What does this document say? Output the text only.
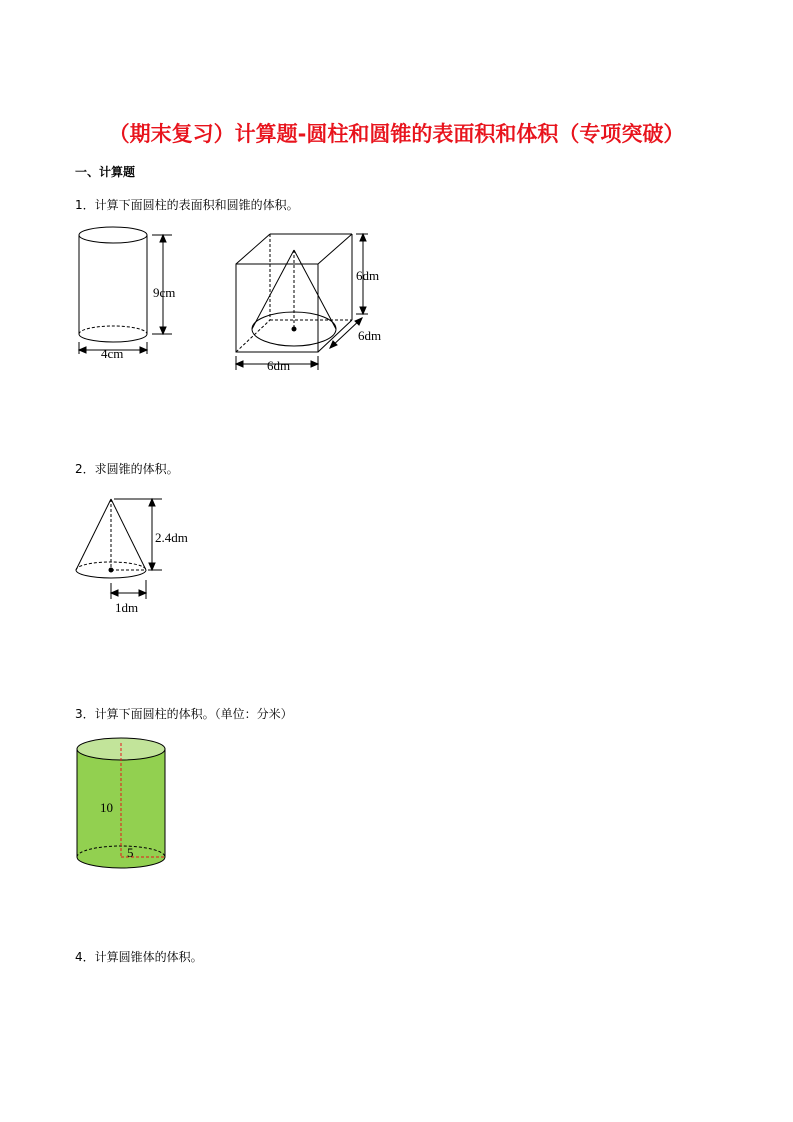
（期末复习）计算题-圆柱和圆锥的表面积和体积（专项突破）
一、计算题
1．计算下面圆柱的表面积和圆锥的体积。
2．求圆锥的体积。
3．计算下面圆柱的体积。（单位：分米）
4．计算圆锥体的体积。
9cm
4cm
6dm
6dm
6dm
2.4dm
1dm
10
5
